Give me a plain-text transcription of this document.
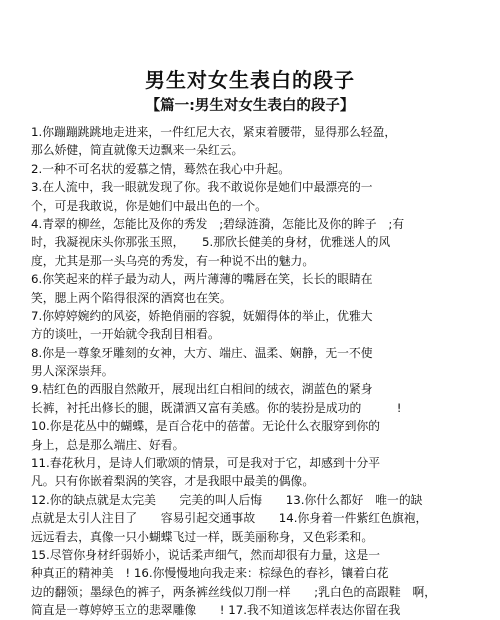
男生对女生表白的段子
【篇一:男生对女生表白的段子】
1.你蹦蹦跳跳地走进来，一件红尼大衣，紧束着腰带，显得那么轻盈，
那么娇健，简直就像天边飘来一朵红云。
2.一种不可名状的爱慕之情，蓦然在我心中升起。
3.在人流中，我一眼就发现了你。我不敢说你是她们中最漂亮的一
个，可是我敢说，你是她们中最出色的一个。
4.青翠的柳丝，怎能比及你的秀发　;碧绿涟漪，怎能比及你的眸子　;有
时，我凝视床头你那张玉照，　　5.那欣长健美的身材，优雅迷人的风
度，尤其是那一头乌亮的秀发，有一种说不出的魅力。
6.你笑起来的样子最为动人，两片薄薄的嘴唇在笑，长长的眼睛在
笑，腮上两个陷得很深的酒窝也在笑。
7.你婷婷婉约的风姿，娇艳俏丽的容貌，妩媚得体的举止，优雅大
方的谈吐，一开始就令我刮目相看。
8.你是一尊象牙雕刻的女神，大方、端庄、温柔、娴静，无一不使
男人深深崇拜。
9.桔红色的西服自然敞开，展现出红白相间的绒衣，湖蓝色的紧身
长裤，衬托出修长的腿，既潇洒又富有美感。你的装扮是成功的　　　!
10.你是花丛中的蝴蝶，是百合花中的蓓蕾。无论什么衣服穿到你的
身上，总是那么端庄、好看。
11.春花秋月，是诗人们歌颂的情景，可是我对于它，却感到十分平
凡。只有你嵌着梨涡的笑容，才是我眼中最美的偶像。
12.你的缺点就是太完美　　完美的叫人后悔　　13.你什么都好　唯一的缺
点就是太引人注目了　　容易引起交通事故　　14.你身着一件紫红色旗袍，
远远看去，真像一只小蝴蝶飞过一样，既美丽称身，又色彩柔和。
15.尽管你身材纤弱娇小，说话柔声细气，然而却很有力量，这是一
种真正的精神美　! 16.你慢慢地向我走来：棕绿色的春衫，镶着白花
边的翻领；墨绿色的裤子，两条裤丝线似刀削一样　　;乳白色的高跟鞋　啊，
简直是一尊婷婷玉立的悲翠雕像　　! 17.我不知道该怎样表达你留在我
